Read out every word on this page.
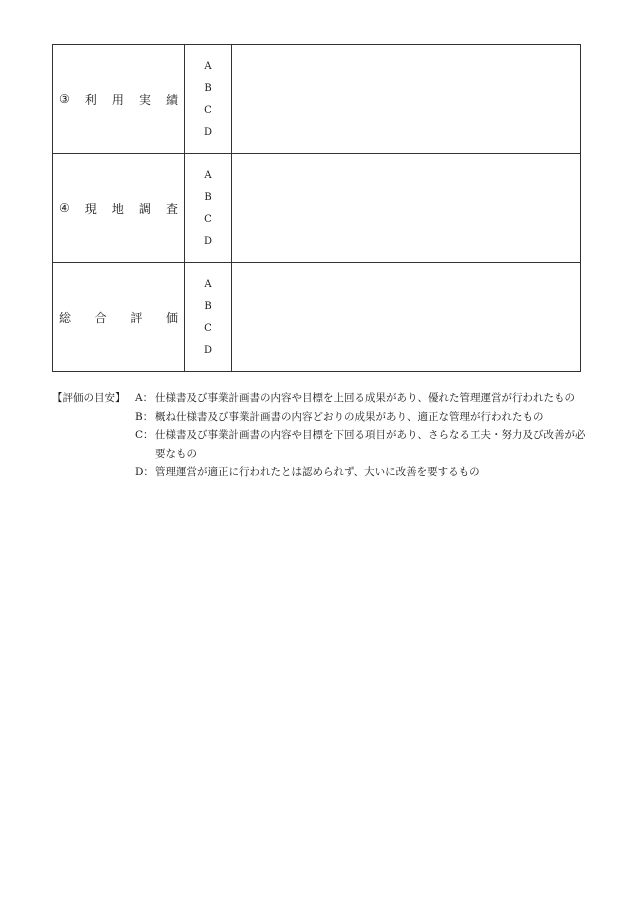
③ 利 用 実 績	A
B
C
D	

④ 現 地 調 査	A
B
C
D	

総 合 評 価	A
B
C
D	

【評価の目安】 A： 仕様書及び事業計画書の内容や目標を上回る成果があり、優れた管理運営が行われたもの
B： 概ね仕様書及び事業計画書の内容どおりの成果があり、適正な管理が行われたもの
C： 仕様書及び事業計画書の内容や目標を下回る項目があり、さらなる工夫・努力及び改善が必要なもの
D： 管理運営が適正に行われたとは認められず、大いに改善を要するもの
